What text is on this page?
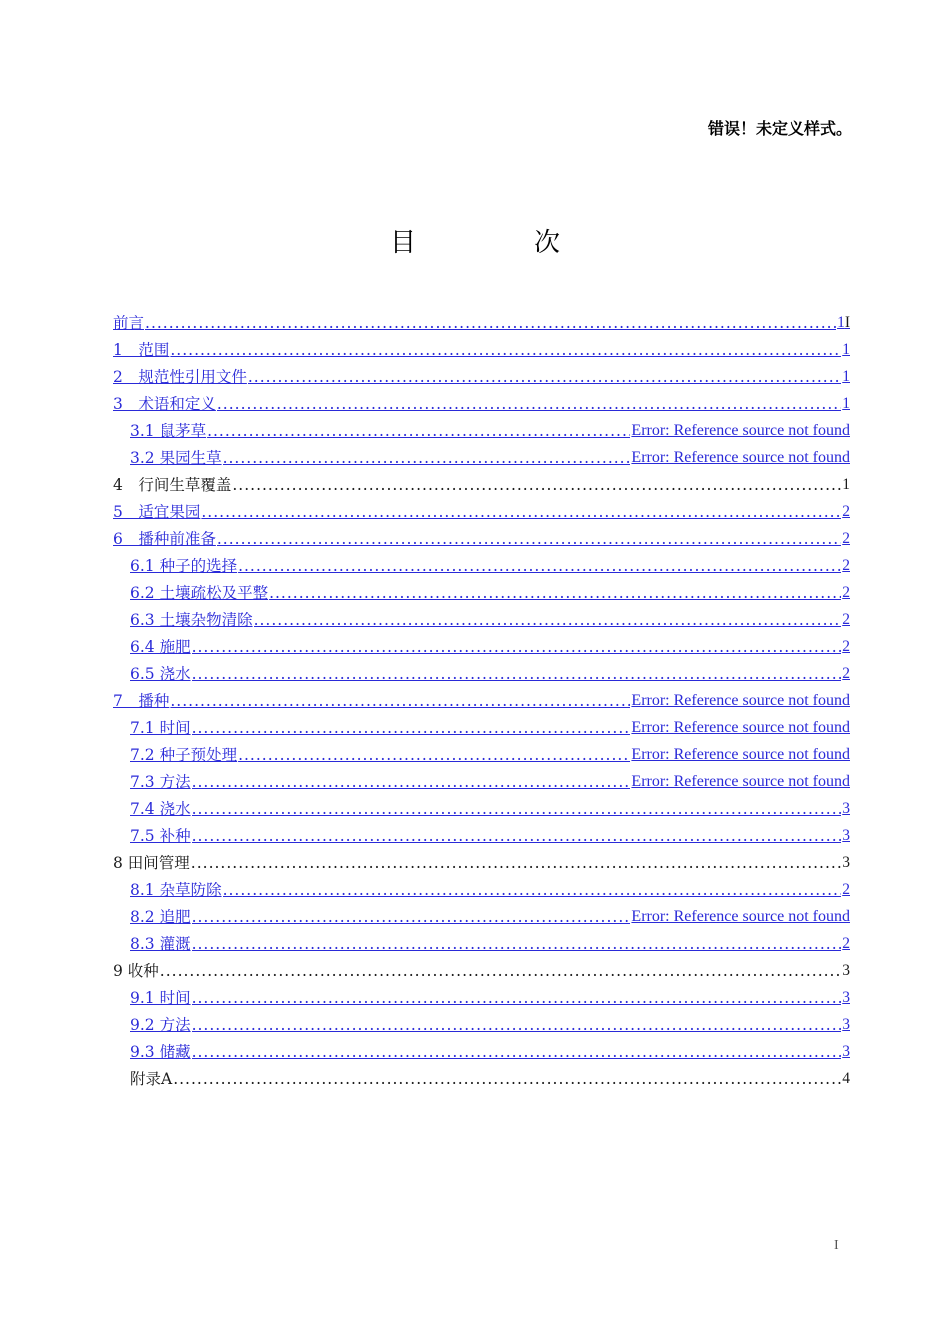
错误！未定义样式。
目　次
前言 .....	1 I
1　范围 .....	1
2　规范性引用文件 .....	1
3　术语和定义 .....	1
3.1 鼠茅草 .....	Error: Reference source not found
3.2 果园生草 .....	Error: Reference source not found
4　行间生草覆盖 .....	1
5　适宜果园 .....	2
6　播种前准备 .....	2
6.1 种子的选择 .....	2
6.2 土壤疏松及平整 .....	2
6.3 土壤杂物清除 .....	2
6.4 施肥 .....	2
6.5 浇水 .....	2
7　播种 .....	Error: Reference source not found
7.1 时间 .....	Error: Reference source not found
7.2 种子预处理 .....	Error: Reference source not found
7.3 方法 .....	Error: Reference source not found
7.4 浇水 .....	3
7.5 补种 .....	3
8 田间管理 .....	3
8.1 杂草防除 .....	2
8.2 追肥 .....	Error: Reference source not found
8.3 灌溉 .....	2
9 收种 .....	3
9.1 时间 .....	3
9.2 方法 .....	3
9.3 储藏 .....	3
附录A .....	4
I
